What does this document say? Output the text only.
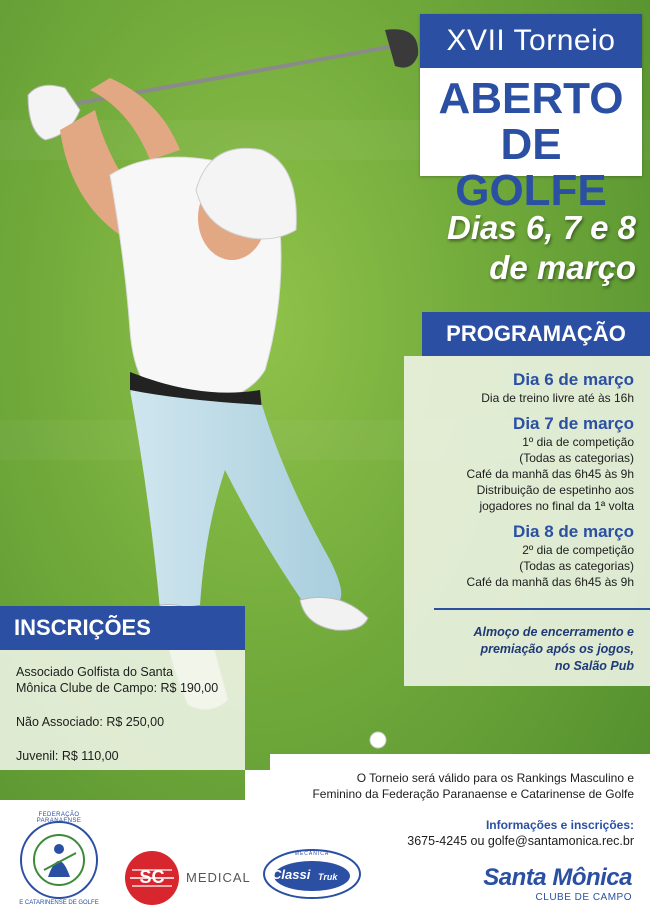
XVII Torneio
ABERTO
DE GOLFE
Dias 6, 7 e 8
de março
PROGRAMAÇÃO
Dia 6 de março
Dia de treino livre até às 16h
Dia 7 de março
1º dia de competição
(Todas as categorias)
Café da manhã das 6h45 às 9h
Distribuição de espetinho aos
jogadores no final da 1ª volta
Dia 8 de março
2º dia de competição
(Todas as categorias)
Café da manhã das 6h45 às 9h
Almoço de encerramento e
premiação após os jogos,
no Salão Pub
INSCRIÇÕES
Associado Golfista do Santa
Mônica Clube de Campo: R$ 190,00
Não Associado: R$ 250,00
Juvenil: R$ 110,00
O Torneio será válido para os Rankings Masculino e
Feminino da Federação Paranaense e Catarinense de Golfe
Informações e inscrições:
3675-4245 ou golfe@santamonica.rec.br
FEDERAÇÃO PARANAENSE
E CATARINENSE DE GOLFE
SC	MEDICAL
MECÂNICA
Classi Truk	Santa Mônica
CLUBE DE CAMPO
